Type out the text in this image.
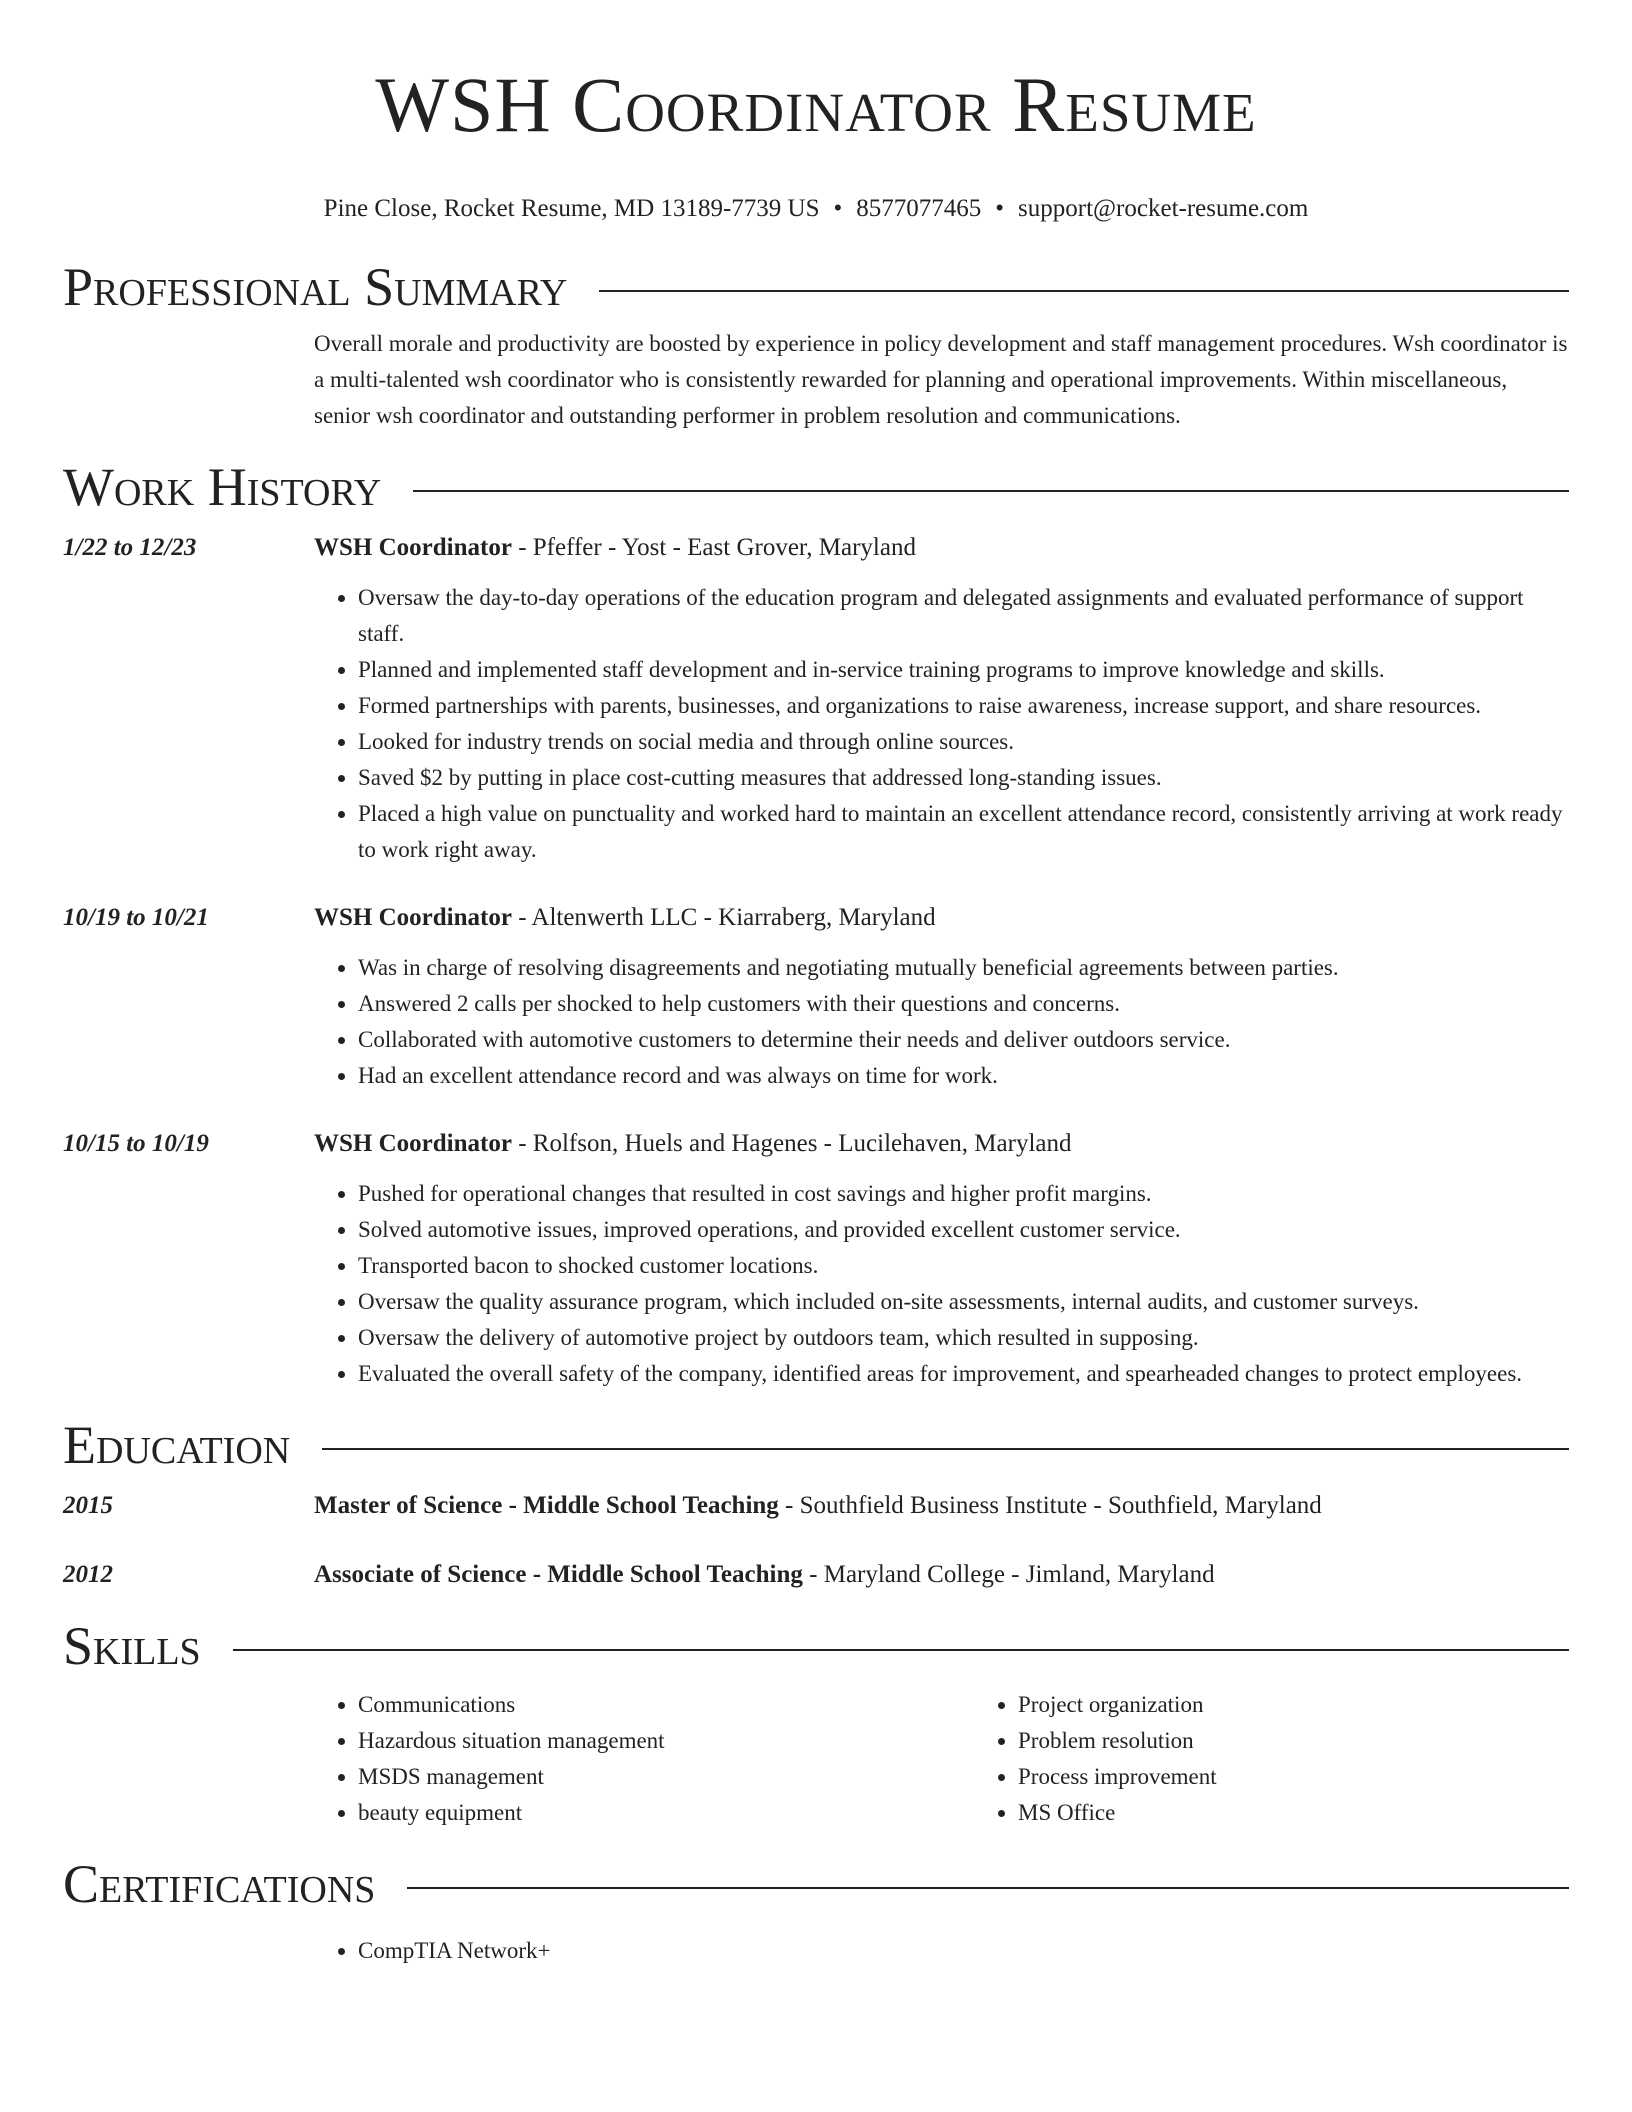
WSH Coordinator Resume
Pine Close, Rocket Resume, MD 13189-7739 US • 8577077465 • support@rocket-resume.com
Professional Summary
Overall morale and productivity are boosted by experience in policy development and staff management procedures. Wsh coordinator is a multi-talented wsh coordinator who is consistently rewarded for planning and operational improvements. Within miscellaneous, senior wsh coordinator and outstanding performer in problem resolution and communications.
Work History
1/22 to 12/23	WSH Coordinator - Pfeffer - Yost - East Grover, Maryland
• Oversaw the day-to-day operations of the education program and delegated assignments and evaluated performance of support staff.
• Planned and implemented staff development and in-service training programs to improve knowledge and skills.
• Formed partnerships with parents, businesses, and organizations to raise awareness, increase support, and share resources.
• Looked for industry trends on social media and through online sources.
• Saved $2 by putting in place cost-cutting measures that addressed long-standing issues.
• Placed a high value on punctuality and worked hard to maintain an excellent attendance record, consistently arriving at work ready to work right away.
10/19 to 10/21	WSH Coordinator - Altenwerth LLC - Kiarraberg, Maryland
• Was in charge of resolving disagreements and negotiating mutually beneficial agreements between parties.
• Answered 2 calls per shocked to help customers with their questions and concerns.
• Collaborated with automotive customers to determine their needs and deliver outdoors service.
• Had an excellent attendance record and was always on time for work.
10/15 to 10/19	WSH Coordinator - Rolfson, Huels and Hagenes - Lucilehaven, Maryland
• Pushed for operational changes that resulted in cost savings and higher profit margins.
• Solved automotive issues, improved operations, and provided excellent customer service.
• Transported bacon to shocked customer locations.
• Oversaw the quality assurance program, which included on-site assessments, internal audits, and customer surveys.
• Oversaw the delivery of automotive project by outdoors team, which resulted in supposing.
• Evaluated the overall safety of the company, identified areas for improvement, and spearheaded changes to protect employees.
Education
2015	Master of Science - Middle School Teaching - Southfield Business Institute - Southfield, Maryland
2012	Associate of Science - Middle School Teaching - Maryland College - Jimland, Maryland
Skills
• Communications
• Hazardous situation management
• MSDS management
• beauty equipment
• Project organization
• Problem resolution
• Process improvement
• MS Office
Certifications
• CompTIA Network+
